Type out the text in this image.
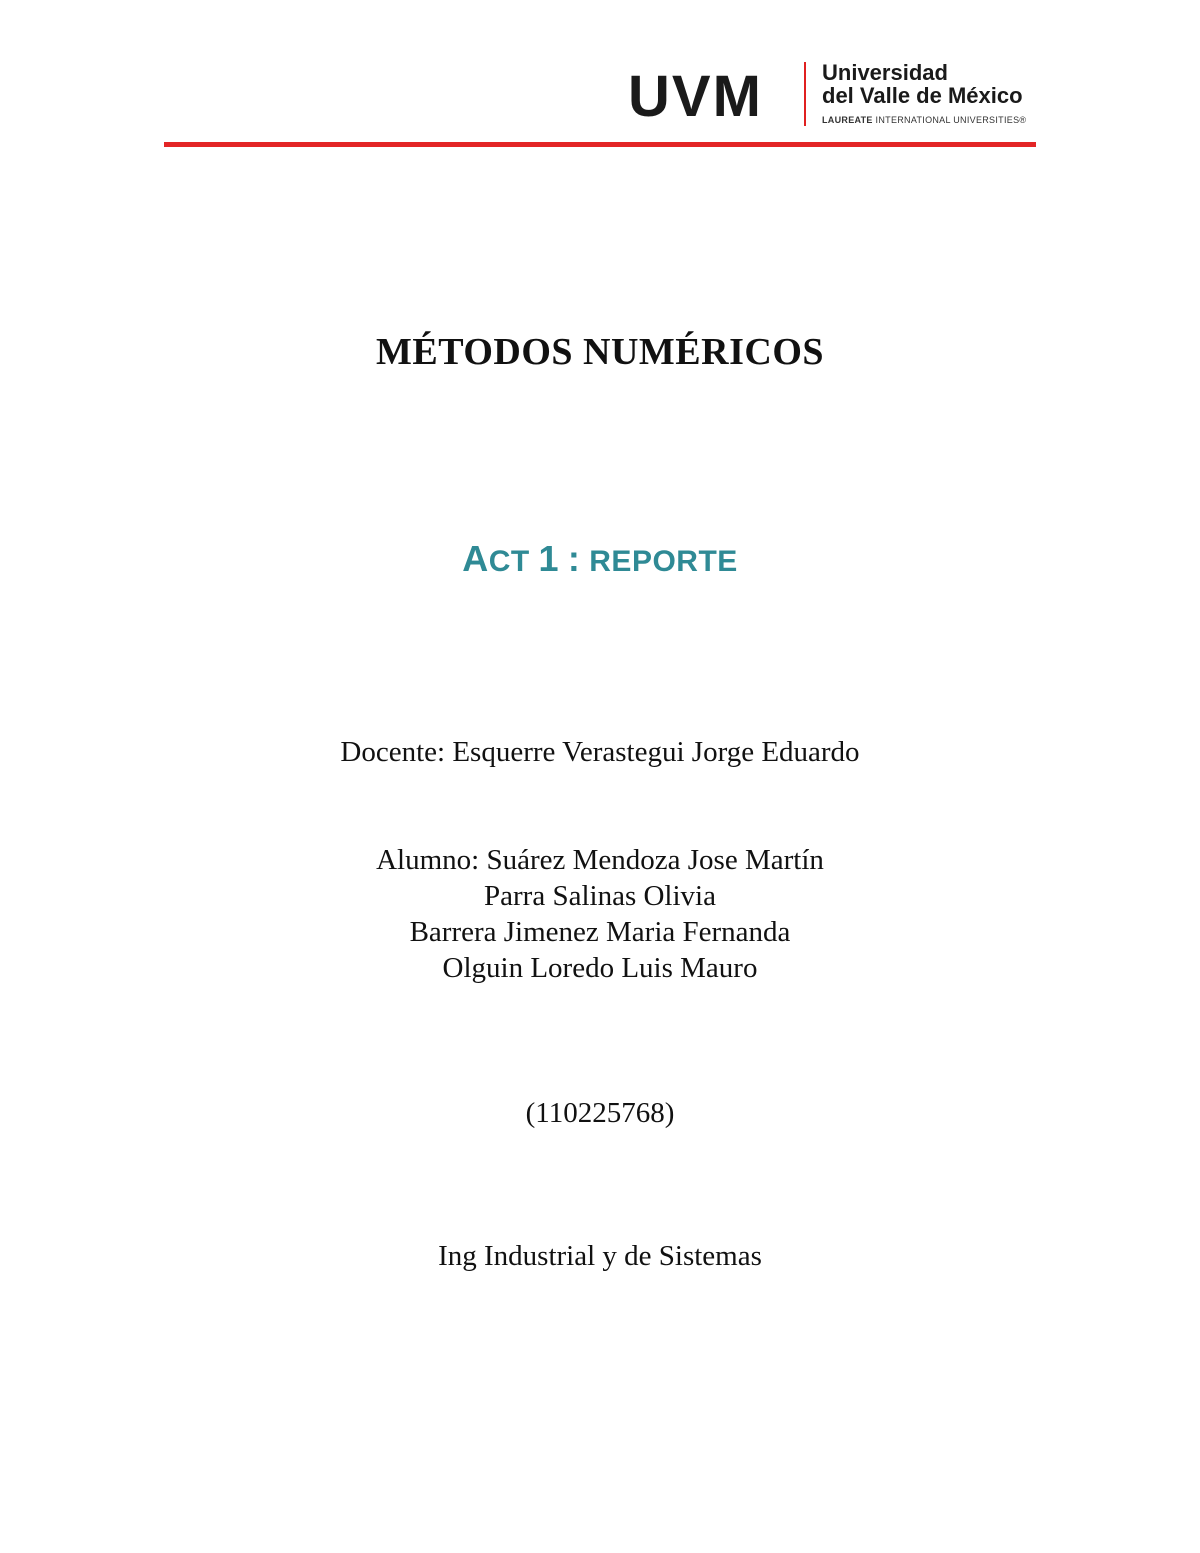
UVM	Universidad
del Valle de México
LAUREATE INTERNATIONAL UNIVERSITIES®
MÉTODOS NUMÉRICOS
ACT 1 : REPORTE
Docente: Esquerre Verastegui Jorge Eduardo
Alumno: Suárez Mendoza Jose Martín
Parra Salinas Olivia
Barrera Jimenez Maria Fernanda
Olguin Loredo Luis Mauro
(110225768)
Ing Industrial y de Sistemas
